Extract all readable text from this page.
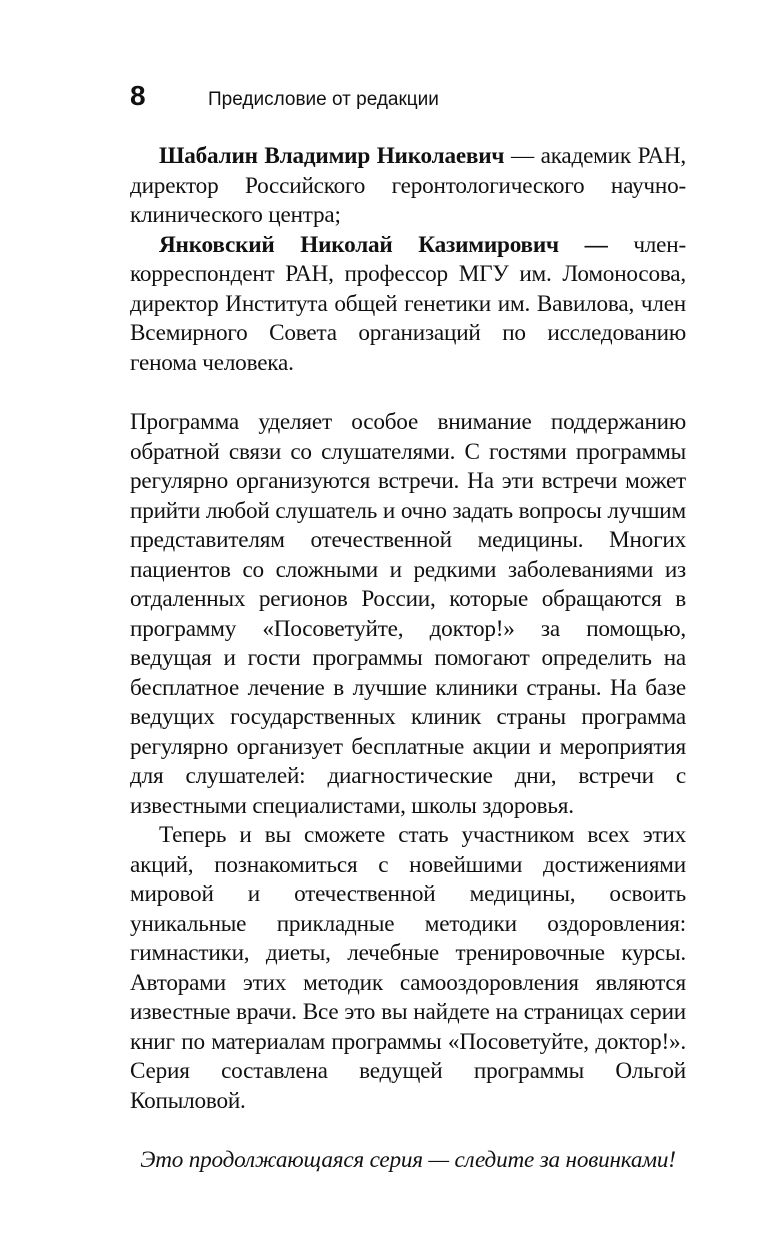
8	Предисловие от редакции

Шабалин Владимир Николаевич — академик РАН, директор Российского геронтологического научно-клинического центра;

Янковский Николай Казимирович — член-корреспондент РАН, профессор МГУ им. Ломоносова, директор Института общей генетики им. Вавилова, член Всемирного Совета организаций по исследованию генома человека.

Программа уделяет особое внимание поддержанию обратной связи со слушателями. С гостями программы регулярно организуются встречи. На эти встречи может прийти любой слушатель и очно задать вопросы лучшим представителям отечественной медицины. Многих пациентов со сложными и редкими заболеваниями из отдаленных регионов России, которые обращаются в программу «Посоветуйте, доктор!» за помощью, ведущая и гости программы помогают определить на бесплатное лечение в лучшие клиники страны. На базе ведущих государственных клиник страны программа регулярно организует бесплатные акции и мероприятия для слушателей: диагностические дни, встречи с известными специалистами, школы здоровья.

Теперь и вы сможете стать участником всех этих акций, познакомиться с новейшими достижениями мировой и отечественной медицины, освоить уникальные прикладные методики оздоровления: гимнастики, диеты, лечебные тренировочные курсы. Авторами этих методик самооздоровления являются известные врачи. Все это вы найдете на страницах серии книг по материалам программы «Посоветуйте, доктор!». Серия составлена ведущей программы Ольгой Копыловой.

Это продолжающаяся серия — следите за новинками!
